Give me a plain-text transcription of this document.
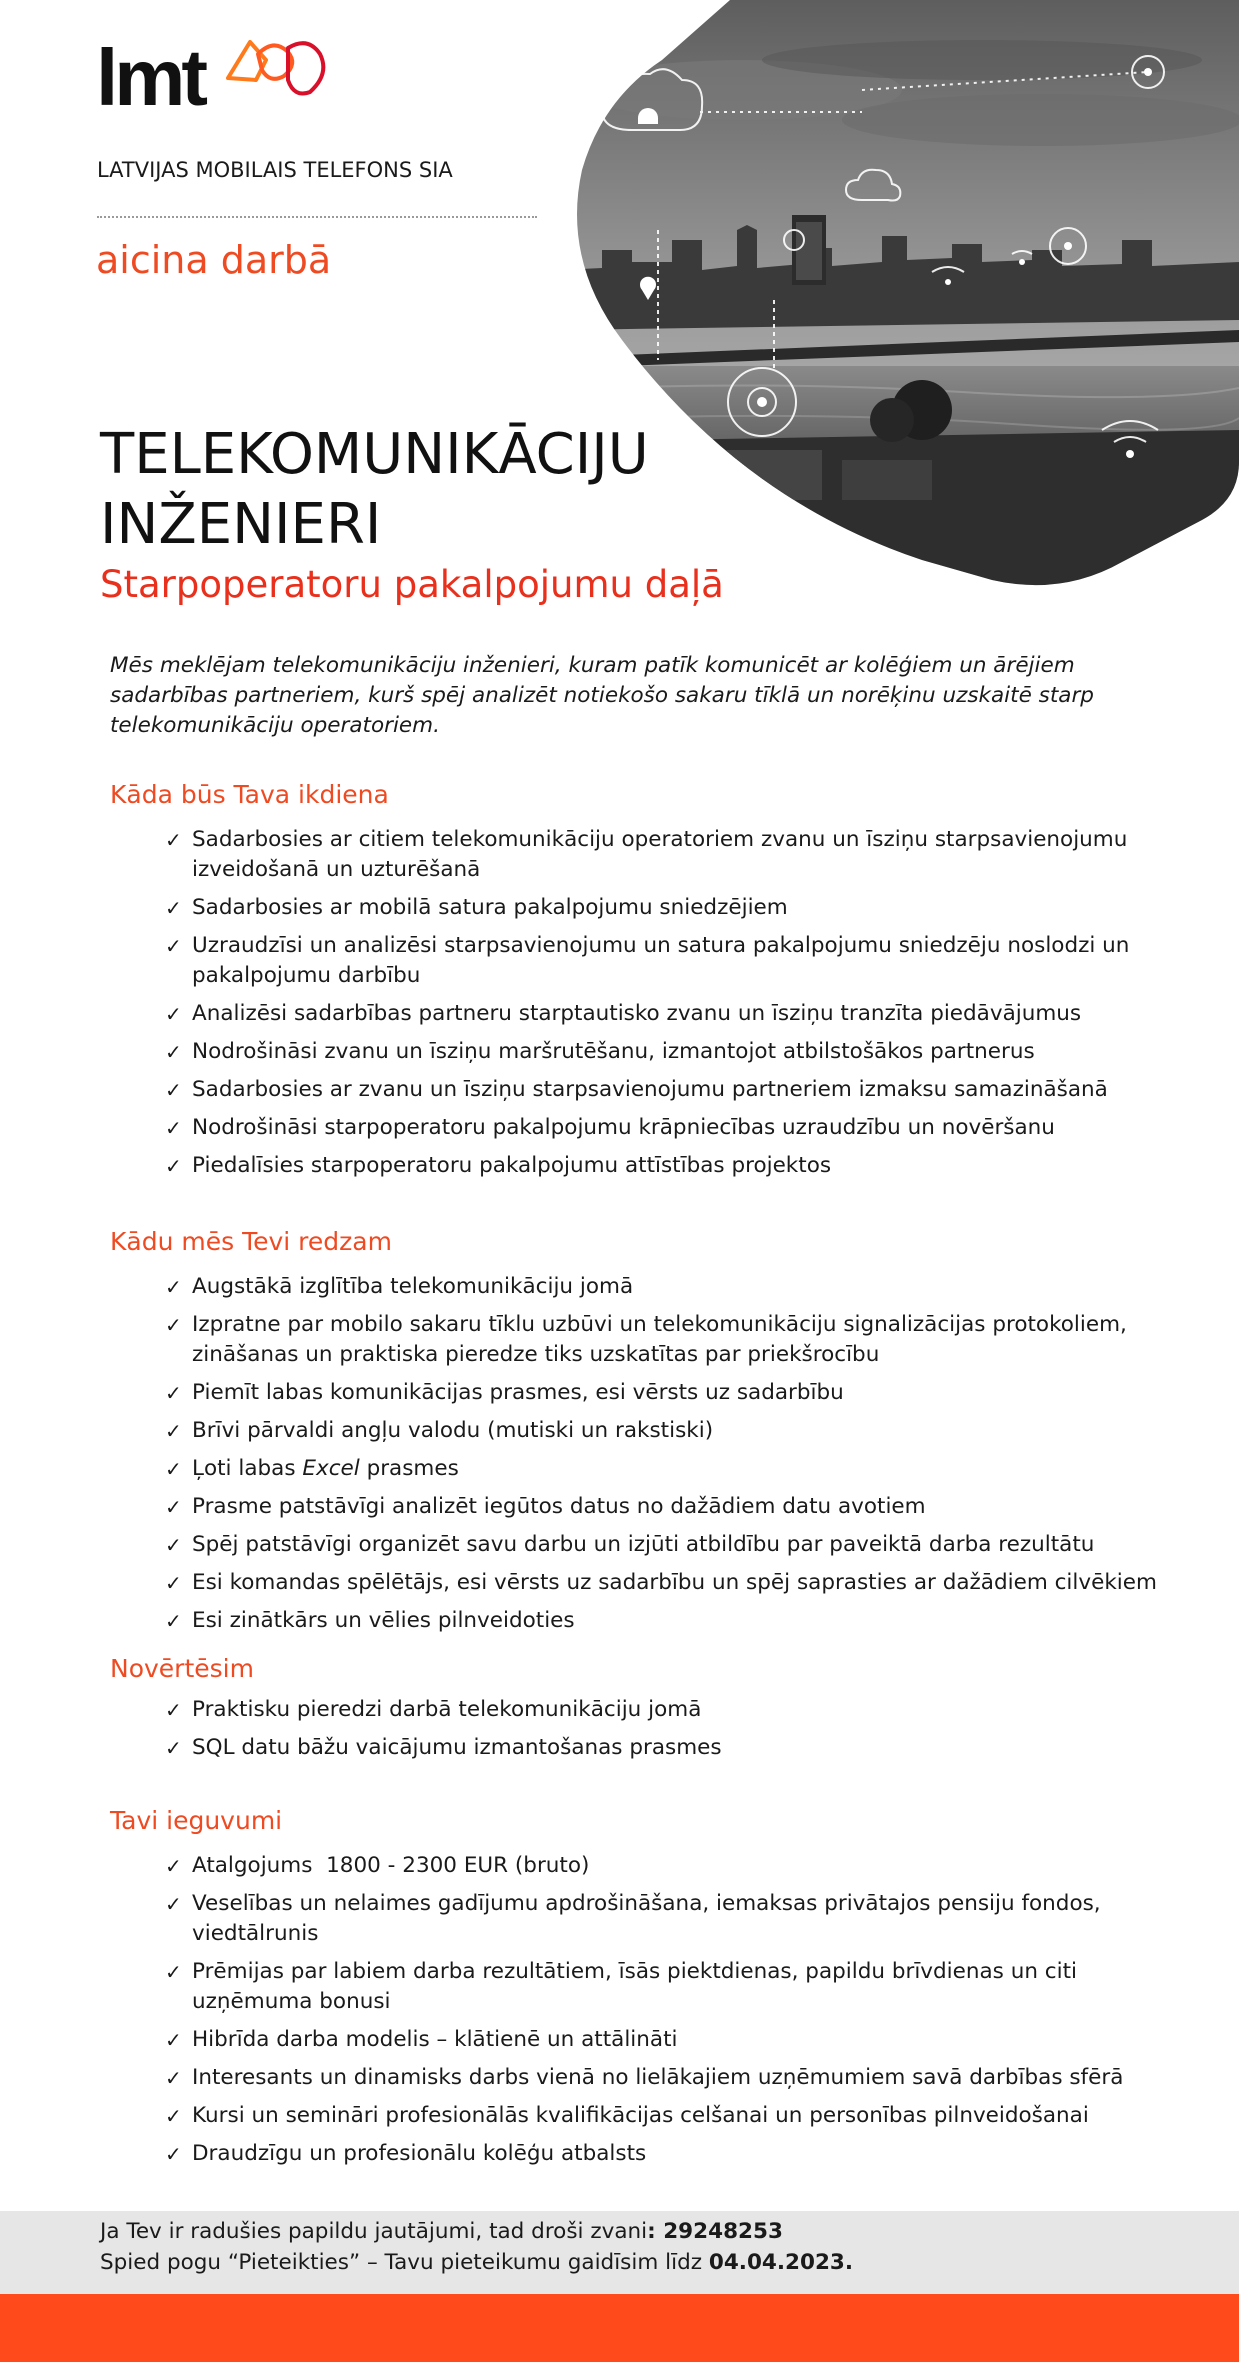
lmt
LATVIJAS MOBILAIS TELEFONS SIA
aicina darbā
TELEKOMUNIKĀCIJU
INŽENIERI
Starpoperatoru pakalpojumu daļā
Mēs meklējam telekomunikāciju inženieri, kuram patīk komunicēt ar kolēģiem un ārējiem sadarbības partneriem, kurš spēj analizēt notiekošo sakaru tīklā un norēķinu uzskaitē starp telekomunikāciju operatoriem.
Kāda būs Tava ikdiena
✓ Sadarbosies ar citiem telekomunikāciju operatoriem zvanu un īsziņu starpsavienojumu izveidošanā un uzturēšanā
✓ Sadarbosies ar mobilā satura pakalpojumu sniedzējiem
✓ Uzraudzīsi un analizēsi starpsavienojumu un satura pakalpojumu sniedzēju noslodzi un pakalpojumu darbību
✓ Analizēsi sadarbības partneru starptautisko zvanu un īsziņu tranzīta piedāvājumus
✓ Nodrošināsi zvanu un īsziņu maršrutēšanu, izmantojot atbilstošākos partnerus
✓ Sadarbosies ar zvanu un īsziņu starpsavienojumu partneriem izmaksu samazināšanā
✓ Nodrošināsi starpoperatoru pakalpojumu krāpniecības uzraudzību un novēršanu
✓ Piedalīsies starpoperatoru pakalpojumu attīstības projektos
Kādu mēs Tevi redzam
✓ Augstākā izglītība telekomunikāciju jomā
✓ Izpratne par mobilo sakaru tīklu uzbūvi un telekomunikāciju signalizācijas protokoliem, zināšanas un praktiska pieredze tiks uzskatītas par priekšrocību
✓ Piemīt labas komunikācijas prasmes, esi vērsts uz sadarbību
✓ Brīvi pārvaldi angļu valodu (mutiski un rakstiski)
✓ Ļoti labas Excel prasmes
✓ Prasme patstāvīgi analizēt iegūtos datus no dažādiem datu avotiem
✓ Spēj patstāvīgi organizēt savu darbu un izjūti atbildību par paveiktā darba rezultātu
✓ Esi komandas spēlētājs, esi vērsts uz sadarbību un spēj saprasties ar dažādiem cilvēkiem
✓ Esi zinātkārs un vēlies pilnveidoties
Novērtēsim
✓ Praktisku pieredzi darbā telekomunikāciju jomā
✓ SQL datu bāžu vaicājumu izmantošanas prasmes
Tavi ieguvumi
✓ Atalgojums  1800 - 2300 EUR (bruto)
✓ Veselības un nelaimes gadījumu apdrošināšana, iemaksas privātajos pensiju fondos, viedtālrunis
✓ Prēmijas par labiem darba rezultātiem, īsās piektdienas, papildu brīvdienas un citi uzņēmuma bonusi
✓ Hibrīda darba modelis – klātienē un attālināti
✓ Interesants un dinamisks darbs vienā no lielākajiem uzņēmumiem savā darbības sfērā
✓ Kursi un semināri profesionālās kvalifikācijas celšanai un personības pilnveidošanai
✓ Draudzīgu un profesionālu kolēģu atbalsts
Ja Tev ir radušies papildu jautājumi, tad droši zvani: 29248253
Spied pogu “Pieteikties” – Tavu pieteikumu gaidīsim līdz 04.04.2023.
